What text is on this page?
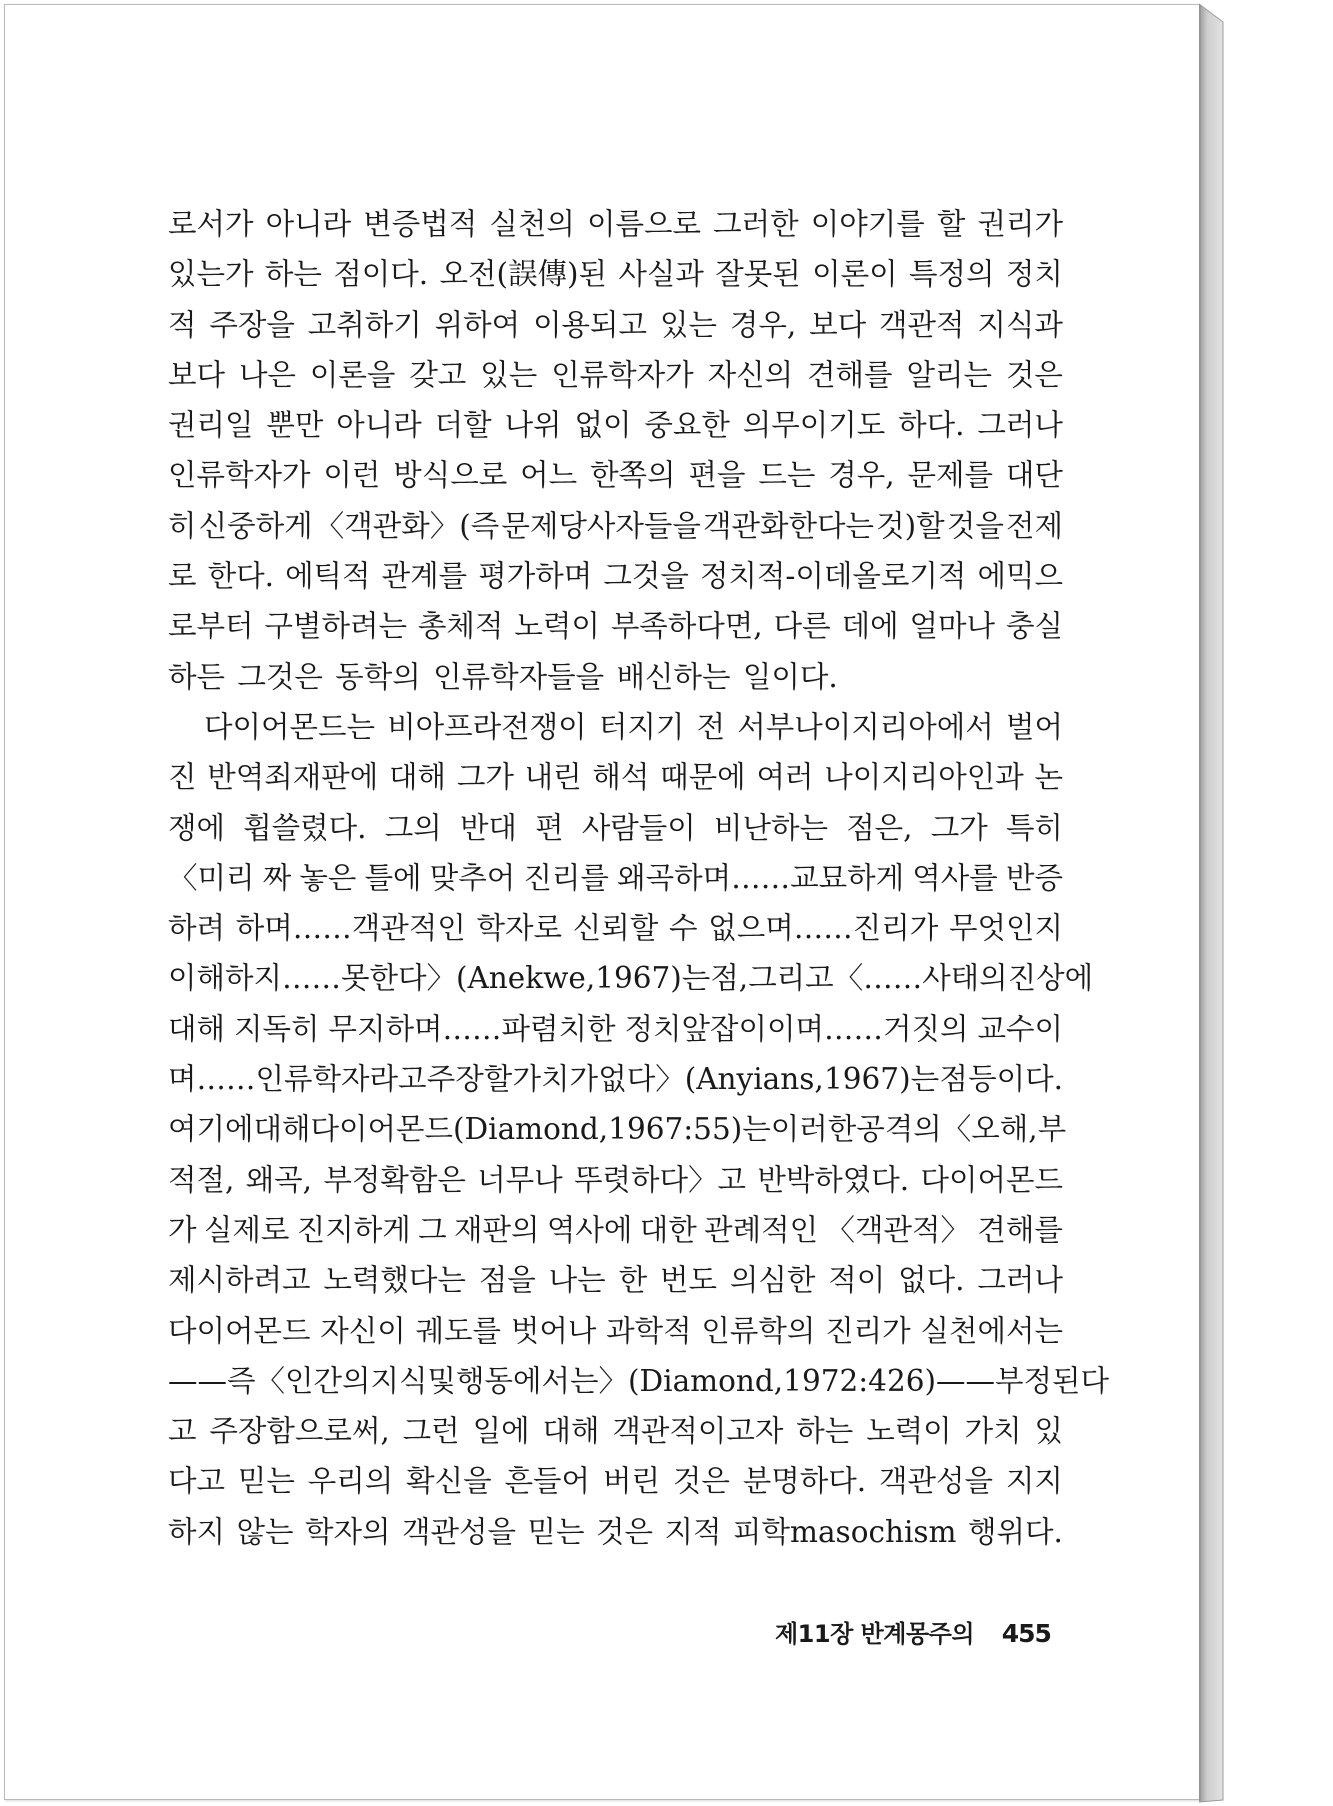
로서가 아니라 변증법적 실천의 이름으로 그러한 이야기를 할 권리가
있는가 하는 점이다. 오전(誤傳)된 사실과 잘못된 이론이 특정의 정치
적 주장을 고취하기 위하여 이용되고 있는 경우, 보다 객관적 지식과
보다 나은 이론을 갖고 있는 인류학자가 자신의 견해를 알리는 것은
권리일 뿐만 아니라 더할 나위 없이 중요한 의무이기도 하다. 그러나
인류학자가 이런 방식으로 어느 한쪽의 편을 드는 경우, 문제를 대단
히 신중하게 〈객관화〉(즉 문제당사자들을 객관화한다는 것)할 것을 전제
로 한다. 에틱적 관계를 평가하며 그것을 정치적-이데올로기적 에믹으
로부터 구별하려는 총체적 노력이 부족하다면, 다른 데에 얼마나 충실
하든 그것은 동학의 인류학자들을 배신하는 일이다.
다이어몬드는 비아프라전쟁이 터지기 전 서부나이지리아에서 벌어
진 반역죄재판에 대해 그가 내린 해석 때문에 여러 나이지리아인과 논
쟁에 휩쓸렸다. 그의 반대 편 사람들이 비난하는 점은, 그가 특히
〈미리 짜 놓은 틀에 맞추어 진리를 왜곡하며……교묘하게 역사를 반증
하려 하며……객관적인 학자로 신뢰할 수 없으며……진리가 무엇인지
이해하지……못한다〉(Anekwe, 1967)는 점, 그리고 〈……사태의 진상에
대해 지독히 무지하며……파렴치한 정치앞잡이이며……거짓의 교수이
며……인류학자라고 주장할 가치가 없다〉(Anyians, 1967)는 점 등이다.
여기에 대해 다이어몬드(Diamond, 1967:55)는 이러한 공격의 〈오해, 부
적절, 왜곡, 부정확함은 너무나 뚜렷하다〉고 반박하였다. 다이어몬드
가 실제로 진지하게 그 재판의 역사에 대한 관례적인 〈객관적〉 견해를
제시하려고 노력했다는 점을 나는 한 번도 의심한 적이 없다. 그러나
다이어몬드 자신이 궤도를 벗어나 과학적 인류학의 진리가 실천에서는
——즉 〈인간의 지식 및 행동에서는〉(Diamond, 1972:426) ——부정된다
고 주장함으로써, 그런 일에 대해 객관적이고자 하는 노력이 가치 있
다고 믿는 우리의 확신을 흔들어 버린 것은 분명하다. 객관성을 지지
하지 않는 학자의 객관성을 믿는 것은 지적 피학masochism 행위다.
제11장 반계몽주의 455
